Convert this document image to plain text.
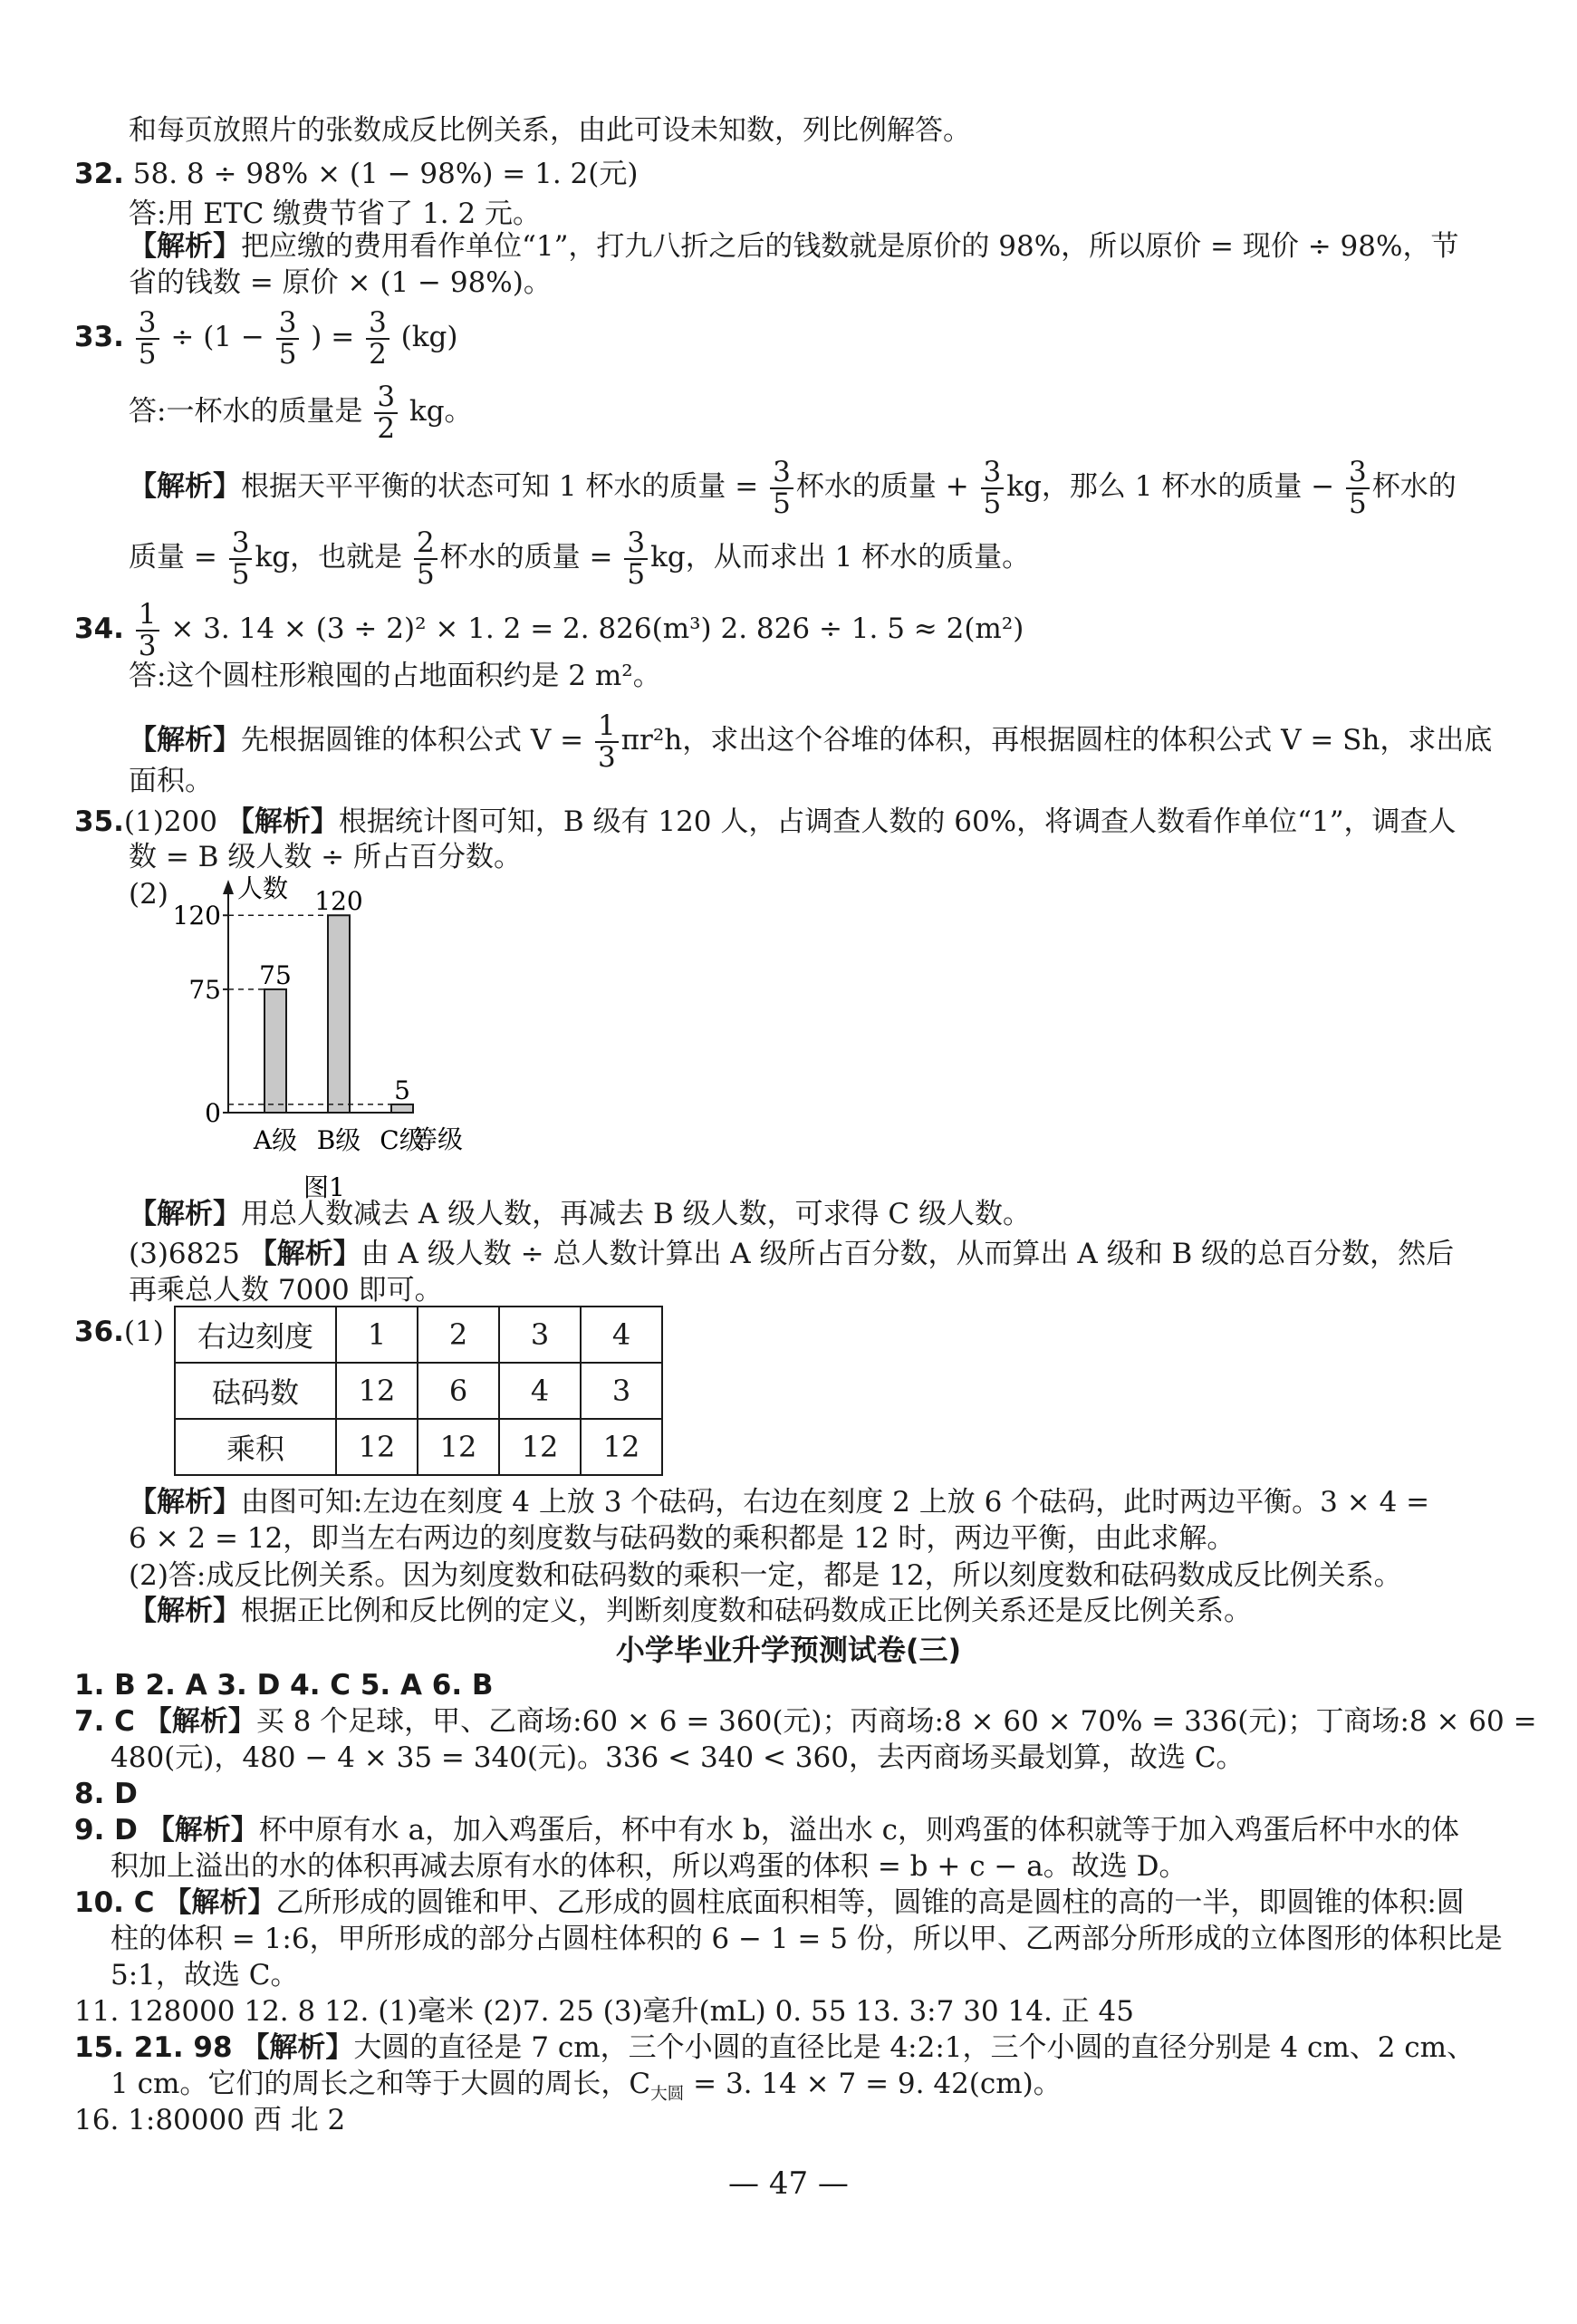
和每页放照片的张数成反比例关系，由此可设未知数，列比例解答。
32. 58. 8 ÷ 98% × (1 − 98%) = 1. 2(元)
答:用 ETC 缴费节省了 1. 2 元。
【解析】把应缴的费用看作单位“1”，打九八折之后的钱数就是原价的 98%，所以原价 = 现价 ÷ 98%，节
省的钱数 = 原价 × (1 − 98%)。
33. $\frac{3}{5} \div (1 - \frac{3}{5}$ ) = $\frac{3}{2} (kg)$
答:一杯水的质量是 $\frac{3}{2}$ kg。
【解析】根据天平平衡的状态可知 1 杯水的质量 = $\frac{3}{5}$ 杯水的质量 + $\frac{3}{5}$ kg，那么 1 杯水的质量 − $\frac{3}{5}$ 杯水的
质量 = $\frac{3}{5}$ kg，也就是 $\frac{2}{5}$ 杯水的质量 = $\frac{3}{5}$ kg，从而求出 1 杯水的质量。
34. $\frac{1}{3} \times 3$. 14 × (3 ÷ 2)² × 1. 2 = 2. 826(m³) 2. 826 ÷ 1. 5 ≈ 2(m²)
答:这个圆柱形粮囤的占地面积约是 2 m²。
【解析】先根据圆锥的体积公式 $V = \frac{1}{3} \pi r^2h$，求出这个谷堆的体积，再根据圆柱的体积公式 V = Sh，求出底
面积。
35.(1)200 【解析】根据统计图可知，B 级有 120 人，占调查人数的 60%，将调查人数看作单位“1”，调查人
数 = B 级人数 ÷ 所占百分数。
(2)	人数
0
75
120
75
A级
120
B级
5
C级
等级
图1
【解析】用总人数减去 A 级人数，再减去 B 级人数，可求得 C 级人数。
(3)6825 【解析】由 A 级人数 ÷ 总人数计算出 A 级所占百分数，从而算出 A 级和 B 级的总百分数，然后
再乘总人数 7000 即可。
36.(1)	右边刻度	1	2	3	4
砝码数	12	6	4	3
乘积	12	12	12	12
【解析】由图可知:左边在刻度 4 上放 3 个砝码，右边在刻度 2 上放 6 个砝码，此时两边平衡。3 × 4 =
6 × 2 = 12，即当左右两边的刻度数与砝码数的乘积都是 12 时，两边平衡，由此求解。
(2)答:成反比例关系。因为刻度数和砝码数的乘积一定，都是 12，所以刻度数和砝码数成反比例关系。
【解析】根据正比例和反比例的定义，判断刻度数和砝码数成正比例关系还是反比例关系。
小学毕业升学预测试卷(三)
1. B 2. A 3. D 4. C 5. A 6. B
7. C 【解析】买 8 个足球，甲、乙商场:60 × 6 = 360(元)；丙商场:8 × 60 × 70% = 336(元)；丁商场:8 × 60 =
480(元)，480 − 4 × 35 = 340(元)。336 < 340 < 360，去丙商场买最划算，故选 C。
8. D
9. D 【解析】杯中原有水 a，加入鸡蛋后，杯中有水 b，溢出水 c，则鸡蛋的体积就等于加入鸡蛋后杯中水的体
积加上溢出的水的体积再减去原有水的体积，所以鸡蛋的体积 = b + c − a。故选 D。
10. C 【解析】乙所形成的圆锥和甲、乙形成的圆柱底面积相等，圆锥的高是圆柱的高的一半，即圆锥的体积:圆
柱的体积 = 1:6，甲所形成的部分占圆柱体积的 6 − 1 = 5 份，所以甲、乙两部分所形成的立体图形的体积比是
5:1，故选 C。
11. 128000 12. 8 12. (1)毫米 (2)7. 25 (3)毫升(mL) 0. 55 13. 3:7 30 14. 正 45
15. 21. 98 【解析】大圆的直径是 7 cm，三个小圆的直径比是 4:2:1，三个小圆的直径分别是 4 cm、2 cm、
1 cm。它们的周长之和等于大圆的周长，$C_{大圆} = 3$. 14 × 7 = 9. 42(cm)。
16. 1:80000 西 北 2
— 47 —
